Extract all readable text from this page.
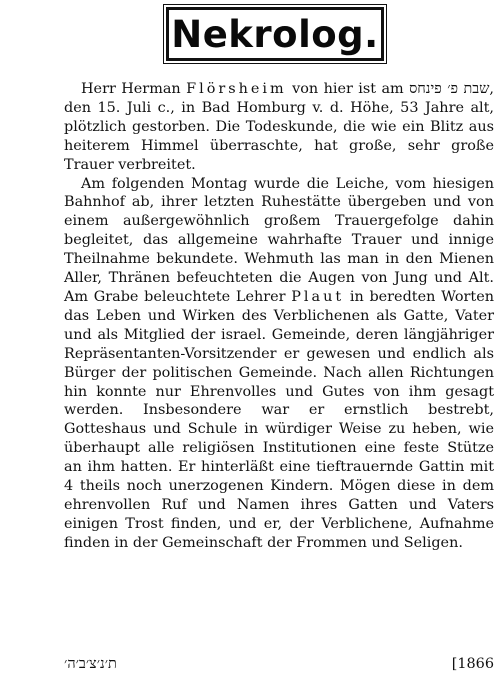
Nekrolog.

Herr Herman Flörsheim von hier ist am שבת פ׳ פינחס, den 15. Juli c., in Bad Homburg v. d. Höhe, 53 Jahre alt, plötzlich gestorben. Die Todeskunde, die wie ein Blitz aus heiterem Himmel überraschte, hat große, sehr große Trauer verbreitet.

Am folgenden Montag wurde die Leiche, vom hiesigen Bahnhof ab, ihrer letzten Ruhestätte übergeben und von einem außergewöhnlich großem Trauergefolge dahin begleitet, das allgemeine wahrhafte Trauer und innige Theilnahme bekundete. Wehmuth las man in den Mienen Aller, Thränen befeuchteten die Augen von Jung und Alt. Am Grabe beleuchtete Lehrer Plaut in beredten Worten das Leben und Wirken des Verblichenen als Gatte, Vater und als Mitglied der israel. Gemeinde, deren längjähriger Repräsentanten-Vorsitzender er gewesen und endlich als Bürger der politischen Gemeinde. Nach allen Richtungen hin konnte nur Ehrenvolles und Gutes von ihm gesagt werden. Insbesondere war er ernstlich bestrebt, Gotteshaus und Schule in würdiger Weise zu heben, wie überhaupt alle religiösen Institutionen eine feste Stütze an ihm hatten. Er hinterläßt eine tieftrauernde Gattin mit 4 theils noch unerzogenen Kindern. Mögen diese in dem ehrenvollen Ruf und Namen ihres Gatten und Vaters einigen Trost finden, und er, der Verblichene, Aufnahme finden in der Gemeinschaft der Frommen und Seligen.

ת׳נ׳צ׳ב׳ה׳	[1866
